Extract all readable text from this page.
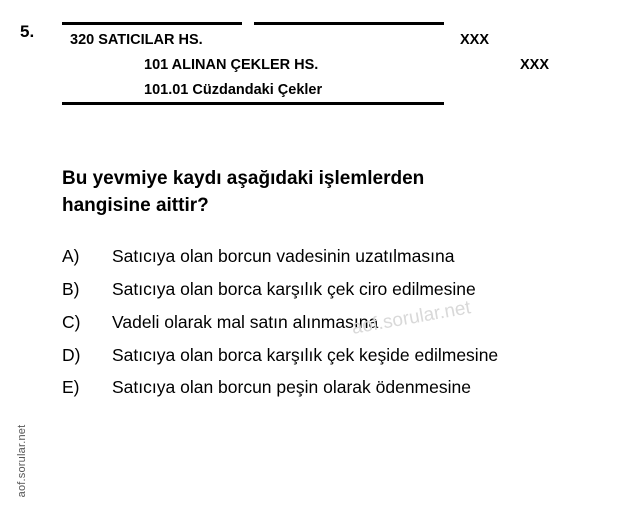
aof.sorular.net
5. 320 SATICILAR HS.	XXX
101 ALINAN ÇEKLER HS.	XXX
101.01 Cüzdandaki Çekler
Bu yevmiye kaydı aşağıdaki işlemlerden
hangisine aittir?
A)	Satıcıya olan borcun vadesinin uzatılmasına
B)	Satıcıya olan borca karşılık çek ciro edilmesine
C)	Vadeli olarak mal satın alınmasına
D)	Satıcıya olan borca karşılık çek keşide edilmesine
E)	Satıcıya olan borcun peşin olarak ödenmesine
aof.sorular.net
